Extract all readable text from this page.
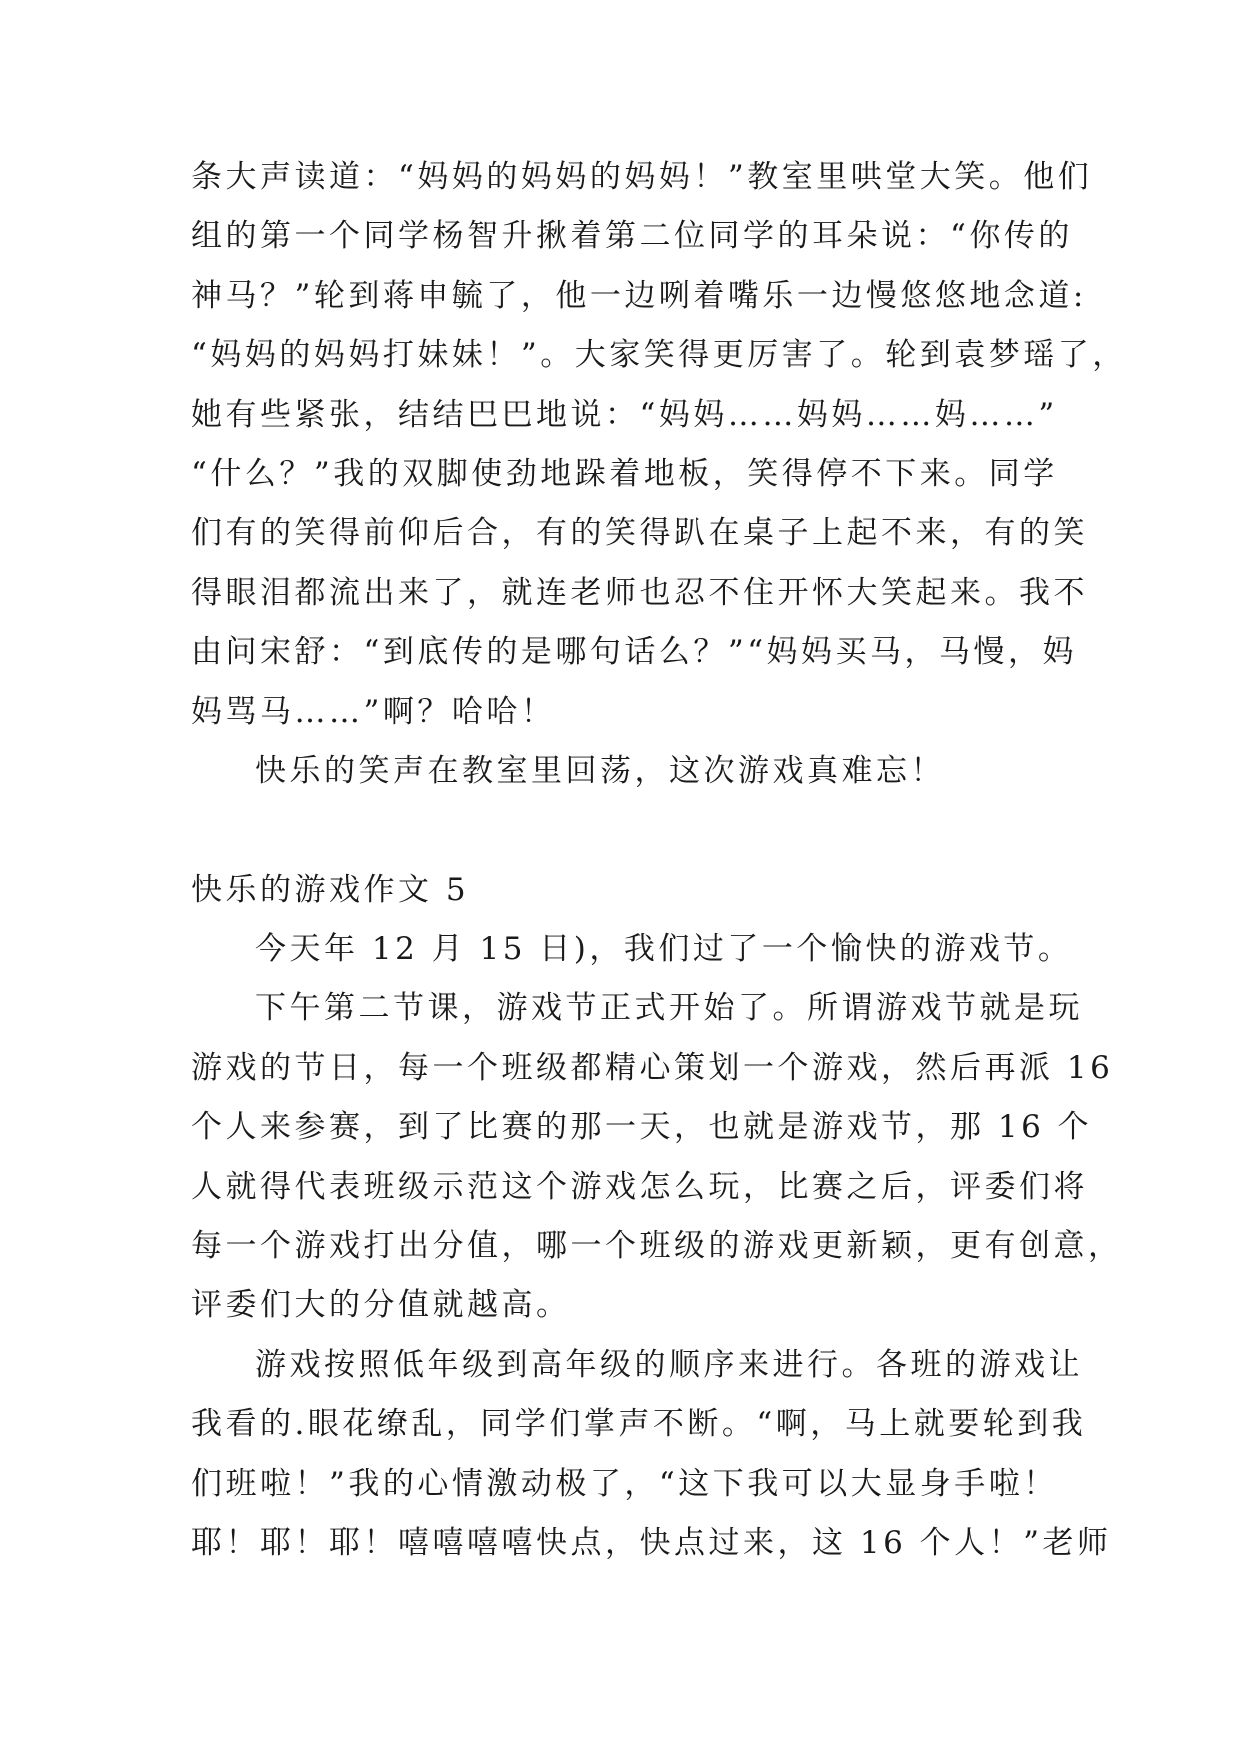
条大声读道：“妈妈的妈妈的妈妈！”教室里哄堂大笑。他们
组的第一个同学杨智升揪着第二位同学的耳朵说：“你传的
神马？”轮到蒋申毓了，他一边咧着嘴乐一边慢悠悠地念道:
“妈妈的妈妈打妹妹！”。大家笑得更厉害了。轮到袁梦瑶了，
她有些紧张，结结巴巴地说：“妈妈……妈妈……妈……”
“什么？”我的双脚使劲地跺着地板，笑得停不下来。同学
们有的笑得前仰后合，有的笑得趴在桌子上起不来，有的笑
得眼泪都流出来了，就连老师也忍不住开怀大笑起来。我不
由问宋舒：“到底传的是哪句话么？”“妈妈买马，马慢，妈
妈骂马……”啊？哈哈！
快乐的笑声在教室里回荡，这次游戏真难忘！
快乐的游戏作文 5
今天年 12 月 15 日)，我们过了一个愉快的游戏节。
下午第二节课，游戏节正式开始了。所谓游戏节就是玩
游戏的节日，每一个班级都精心策划一个游戏，然后再派 16
个人来参赛，到了比赛的那一天，也就是游戏节，那 16 个
人就得代表班级示范这个游戏怎么玩，比赛之后，评委们将
每一个游戏打出分值，哪一个班级的游戏更新颖，更有创意，
评委们大的分值就越高。
游戏按照低年级到高年级的顺序来进行。各班的游戏让
我看的.眼花缭乱，同学们掌声不断。“啊，马上就要轮到我
们班啦！”我的心情激动极了，“这下我可以大显身手啦！
耶！耶！耶！嘻嘻嘻嘻快点，快点过来，这 16 个人！”老师
